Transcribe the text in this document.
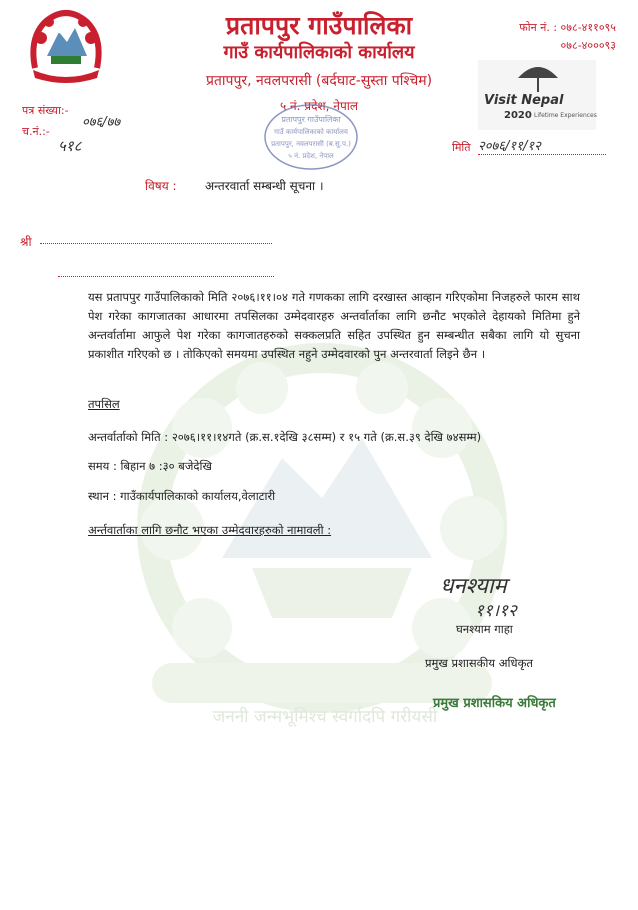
जननी जन्मभूमिश्च स्वर्गादपि गरीयसी
प्रतापपुर गाउँपालिका
गाउँ कार्यपालिकाको कार्यालय
प्रतापपुर, नवलपरासी (बर्दघाट-सुस्ता पश्चिम)
५ नं. प्रदेश, नेपाल
फोन नं. : ०७८-४११०९५
०७८-४०००९३
Visit Nepal
2020 Lifetime Experiences
प्रतापपुर गाउँपालिका
गाउँ कार्यपालिकाको कार्यालय
प्रतापपुर, नवलपरासी (ब.सु.प.)
५ नं. प्रदेश, नेपाल
पत्र संख्या:-
०७६/७७
च.नं.:-
५१८	मिति २०७६/११/१२
विषय : अन्तरवार्ता सम्बन्धी सूचना ।
श्री
यस प्रतापपुर गाउँपालिकाको मिति २०७६।११।०४ गते गणकका लागि दरखास्त आव्हान गरिएकोमा निजहरुले फारम साथ पेश गरेका कागजातका आधारमा तपसिलका उम्मेदवारहरु अन्तर्वार्ताका लागि छनौट भएकोले देहायको मितिमा हुने अन्तर्वार्तामा आफुले पेश गरेका कागजातहरुको सक्कलप्रति सहित उपस्थित हुन सम्बन्धीत सबैका लागि यो सुचना प्रकाशीत गरिएको छ । तोकिएको समयमा उपस्थित नहुने उम्मेदवारको पुन अन्तरवार्ता लिइने छैन ।
तपसिल
अन्तर्वार्ताको मिति : २०७६।११।१४गते (क्र.स.१देखि ३८सम्म) र १५ गते (क्र.स.३९ देखि ७४सम्म)
समय : बिहान ७ :३० बजेदेखि
स्थान : गाउँकार्यपालिकाको कार्यालय,वेलाटारी
अर्न्तवार्ताका लागि छनौट भएका उम्मेदवारहरुको नामावली :
धनश्याम
११।१२
घनश्याम गाहा
प्रमुख प्रशासकीय अधिकृत
प्रमुख प्रशासकिय अधिकृत
